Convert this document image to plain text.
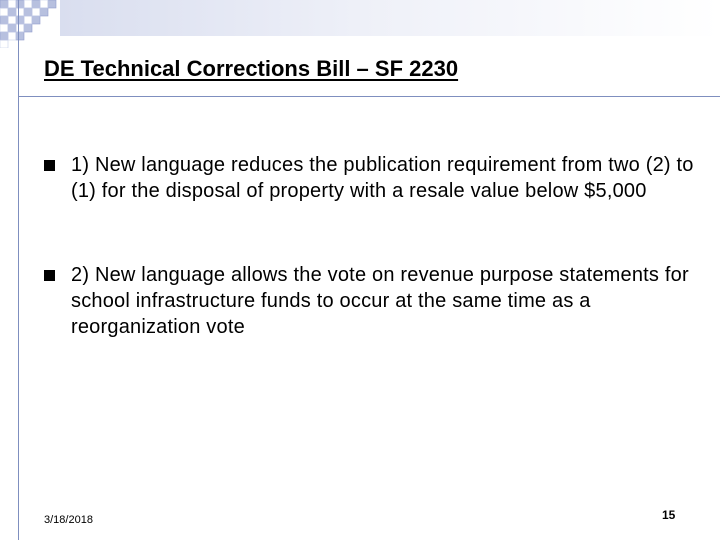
DE Technical Corrections Bill – SF 2230
1) New language reduces the publication requirement from two (2) to (1) for the disposal of property with a resale value below $5,000
2) New language allows the vote on revenue purpose statements for school infrastructure funds to occur at the same time as a reorganization vote
3/18/2018	15
